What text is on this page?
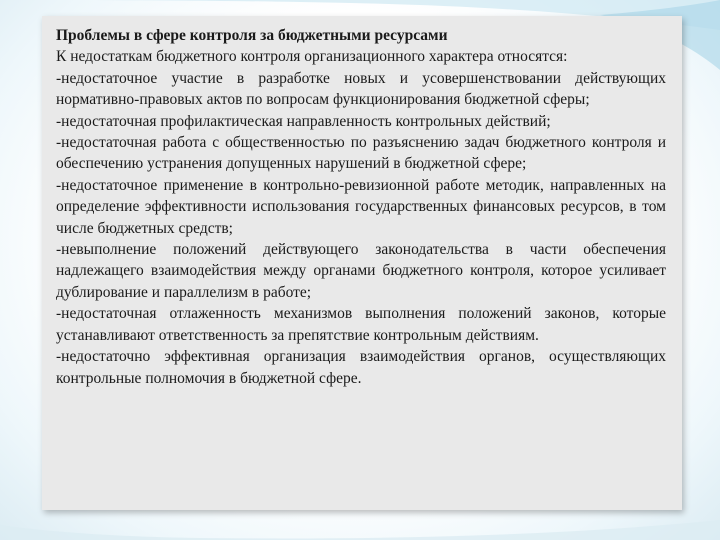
Проблемы в сфере контроля за бюджетными ресурсами

К недостаткам бюджетного контроля организационного характера относятся:

-недостаточное участие в разработке новых и усовершенствовании действующих нормативно-правовых актов по вопросам функционирования бюджетной сферы;

-недостаточная профилактическая направленность контрольных действий;

-недостаточная работа с общественностью по разъяснению задач бюджетного контроля и обеспечению устранения допущенных нарушений в бюджетной сфере;

-недостаточное применение в контрольно-ревизионной работе методик, направленных на определение эффективности использования государственных финансовых ресурсов, в том числе бюджетных средств;

-невыполнение положений действующего законодательства в части обеспечения надлежащего взаимодействия между органами бюджетного контроля, которое усиливает дублирование и параллелизм в работе;

-недостаточная отлаженность механизмов выполнения положений законов, которые устанавливают ответственность за препятствие контрольным действиям.

-недостаточно эффективная организация взаимодействия органов, осуществляющих контрольные полномочия в бюджетной сфере.
